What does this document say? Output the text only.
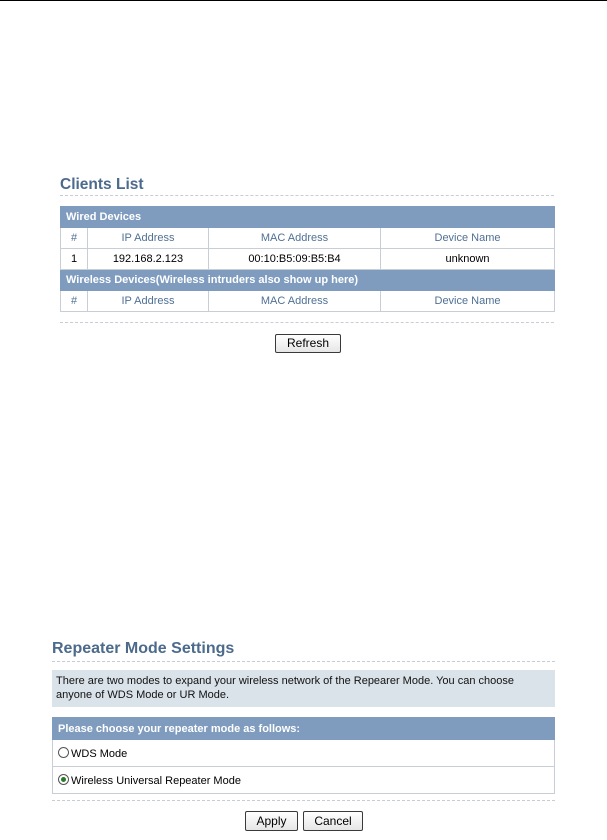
Clients List
Wired Devices			
#	IP Address	MAC Address	Device Name
1	192.168.2.123	00:10:B5:09:B5:B4	unknown
Wireless Devices(Wireless intruders also show up here)			
#	IP Address	MAC Address	Device Name
Refresh
Repeater Mode Settings
There are two modes to expand your wireless network of the Repearer Mode. You can choose anyone of WDS Mode or UR Mode.
Please choose your repeater mode as follows:
WDS Mode
Wireless Universal Repeater Mode
Apply	Cancel
